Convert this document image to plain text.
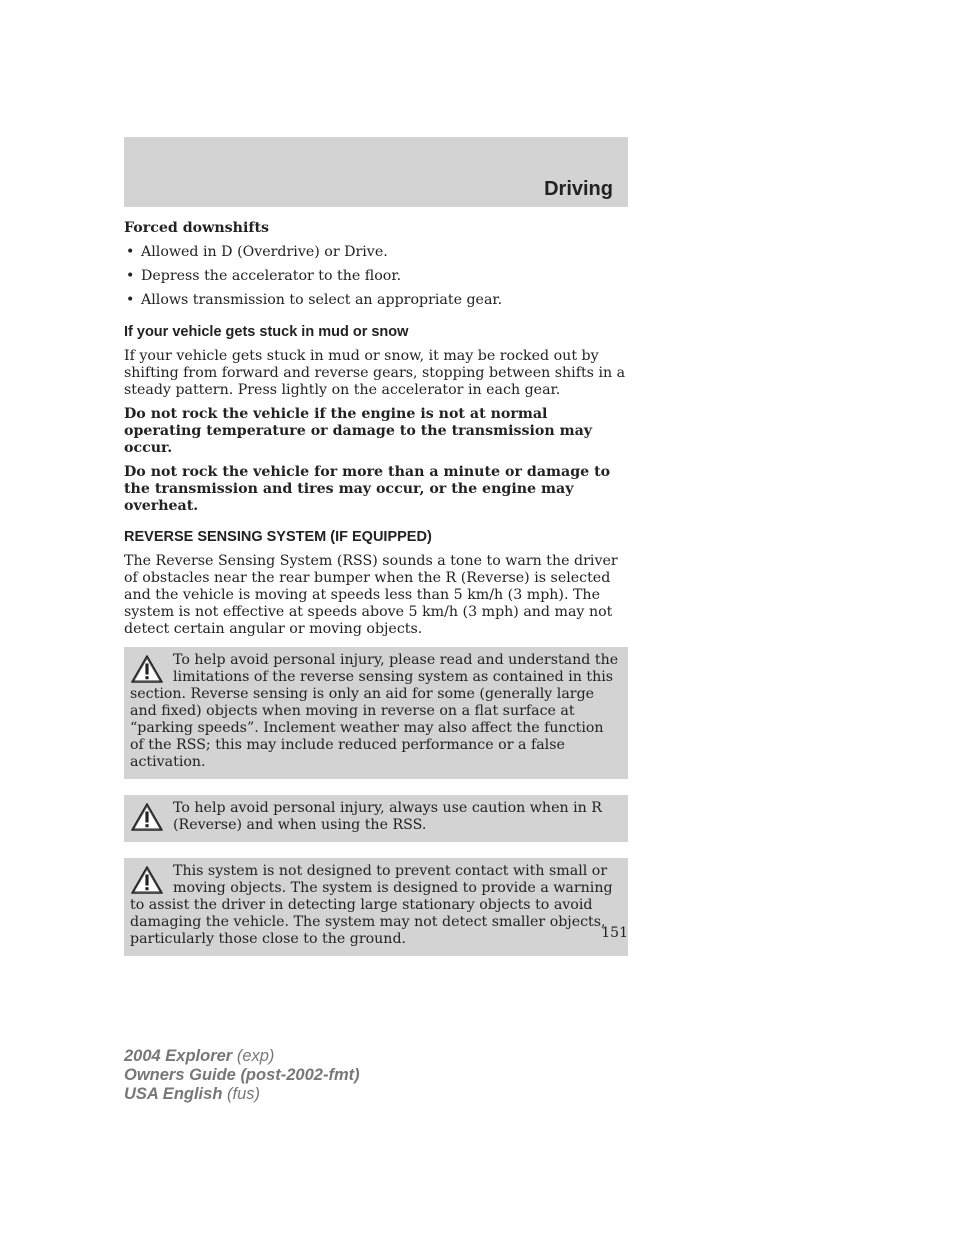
Driving
Forced downshifts
• Allowed in D (Overdrive) or Drive.
• Depress the accelerator to the floor.
• Allows transmission to select an appropriate gear.
If your vehicle gets stuck in mud or snow

If your vehicle gets stuck in mud or snow, it may be rocked out by shifting from forward and reverse gears, stopping between shifts in a steady pattern. Press lightly on the accelerator in each gear.

Do not rock the vehicle if the engine is not at normal operating temperature or damage to the transmission may occur.

Do not rock the vehicle for more than a minute or damage to the transmission and tires may occur, or the engine may overheat.

REVERSE SENSING SYSTEM (IF EQUIPPED)

The Reverse Sensing System (RSS) sounds a tone to warn the driver of obstacles near the rear bumper when the R (Reverse) is selected and the vehicle is moving at speeds less than 5 km/h (3 mph). The system is not effective at speeds above 5 km/h (3 mph) and may not detect certain angular or moving objects.

To help avoid personal injury, please read and understand the limitations of the reverse sensing system as contained in this section. Reverse sensing is only an aid for some (generally large and fixed) objects when moving in reverse on a flat surface at “parking speeds”. Inclement weather may also affect the function of the RSS; this may include reduced performance or a false activation.
To help avoid personal injury, always use caution when in R (Reverse) and when using the RSS.
This system is not designed to prevent contact with small or moving objects. The system is designed to provide a warning to assist the driver in detecting large stationary objects to avoid damaging the vehicle. The system may not detect smaller objects, particularly those close to the ground.	151
2004 Explorer (exp)
Owners Guide (post-2002-fmt)
USA English (fus)
